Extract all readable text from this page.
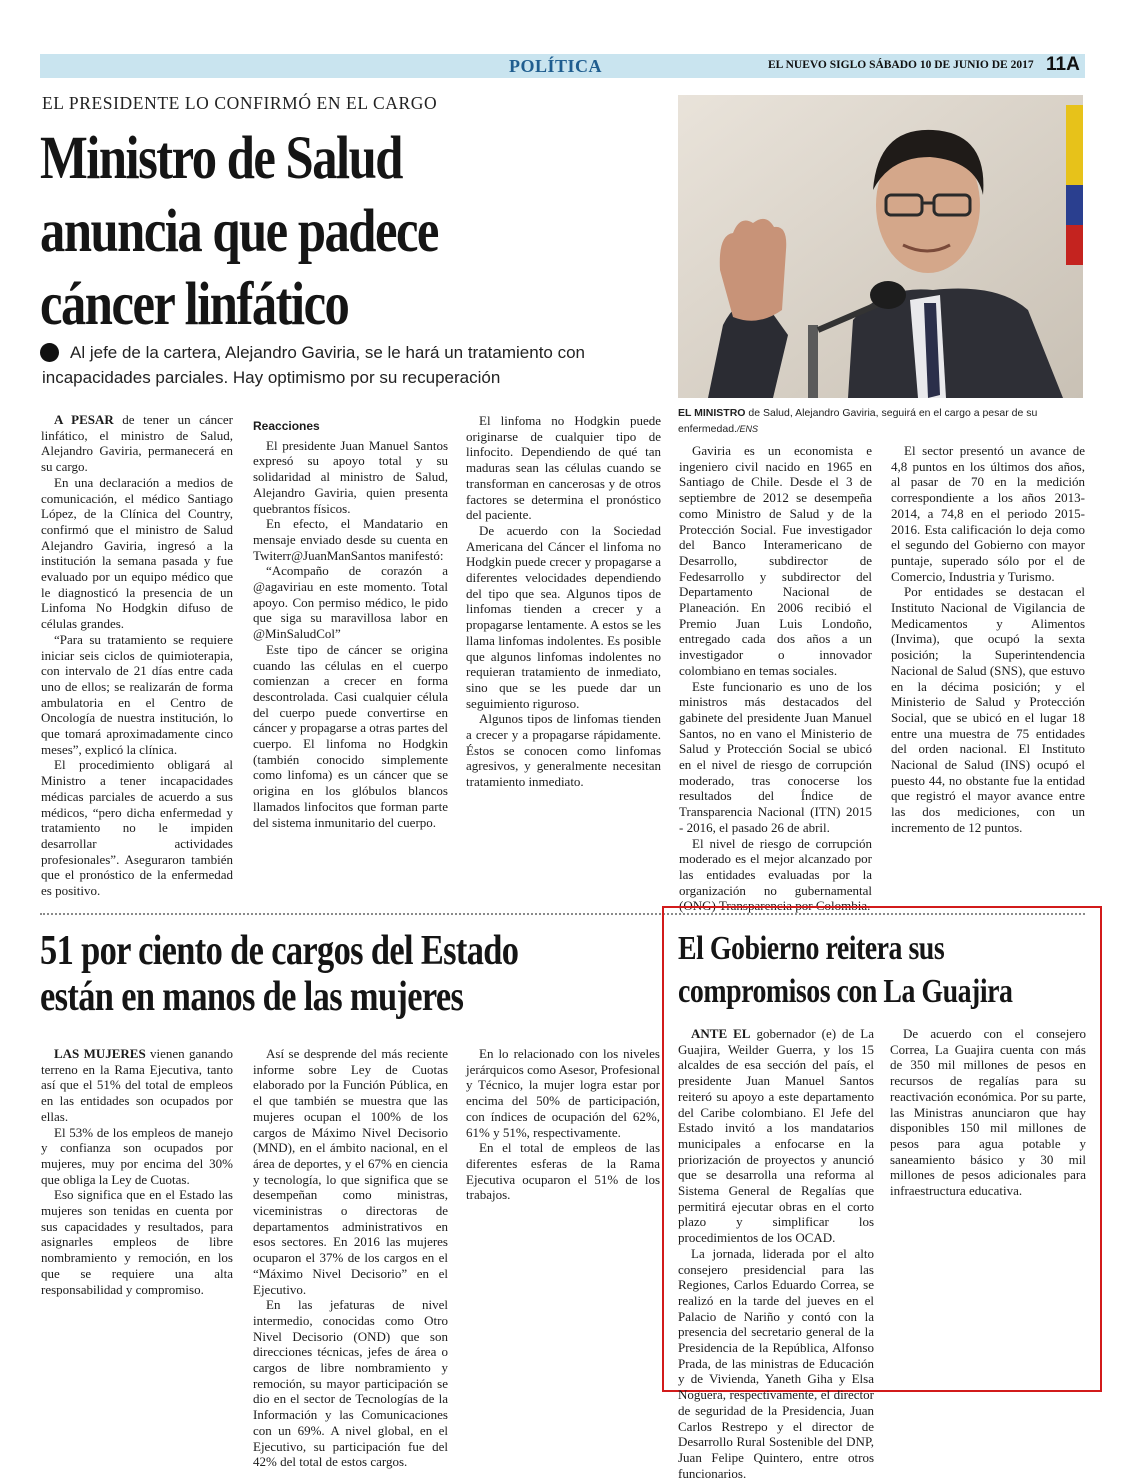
POLÍTICA	EL NUEVO SIGLO SÁBADO 10 DE JUNIO DE 2017 11A
EL PRESIDENTE LO CONFIRMÓ EN EL CARGO
Ministro de Salud
anuncia que padece
cáncer linfático
Al jefe de la cartera, Alejandro Gaviria, se le hará un tratamiento con incapacidades parciales. Hay optimismo por su recuperación
EL MINISTRO de Salud, Alejandro Gaviria, seguirá en el cargo a pesar de su enfermedad./ENS

A PESAR de tener un cáncer linfático, el ministro de Salud, Alejandro Gaviria, permanecerá en su cargo.

En una declaración a medios de comunicación, el médico Santiago López, de la Clínica del Country, confirmó que el ministro de Salud Alejandro Gaviria, ingresó a la institución la semana pasada y fue evaluado por un equipo médico que le diagnosticó la presencia de un Linfoma No Hodgkin difuso de células grandes.

“Para su tratamiento se requiere iniciar seis ciclos de quimioterapia, con intervalo de 21 días entre cada uno de ellos; se realizarán de forma ambulatoria en el Centro de Oncología de nuestra institución, lo que tomará aproximadamente cinco meses”, explicó la clínica.

El procedimiento obligará al Ministro a tener incapacidades médicas parciales de acuerdo a sus médicos, “pero dicha enfermedad y tratamiento no le impiden desarrollar actividades profesionales”. Aseguraron también que el pronóstico de la enfermedad es positivo.

Reacciones

El presidente Juan Manuel Santos expresó su apoyo total y su solidaridad al ministro de Salud, Alejandro Gaviria, quien presenta quebrantos físicos.

En efecto, el Mandatario en mensaje enviado desde su cuenta en Twiterr@JuanManSantos manifestó:

“Acompaño de corazón a @agaviriau en este momento. Total apoyo. Con permiso médico, le pido que siga su maravillosa labor en @MinSaludCol”

Este tipo de cáncer se origina cuando las células en el cuerpo comienzan a crecer en forma descontrolada. Casi cualquier célula del cuerpo puede convertirse en cáncer y propagarse a otras partes del cuerpo. El linfoma no Hodgkin (también conocido simplemente como linfoma) es un cáncer que se origina en los glóbulos blancos llamados linfocitos que forman parte del sistema inmunitario del cuerpo.

El linfoma no Hodgkin puede originarse de cualquier tipo de linfocito. Dependiendo de qué tan maduras sean las células cuando se transforman en cancerosas y de otros factores se determina el pronóstico del paciente.

De acuerdo con la Sociedad Americana del Cáncer el linfoma no Hodgkin puede crecer y propagarse a diferentes velocidades dependiendo del tipo que sea. Algunos tipos de linfomas tienden a crecer y a propagarse lentamente. A estos se les llama linfomas indolentes. Es posible que algunos linfomas indolentes no requieran tratamiento de inmediato, sino que se les puede dar un seguimiento riguroso.

Algunos tipos de linfomas tienden a crecer y a propagarse rápidamente. Éstos se conocen como linfomas agresivos, y generalmente necesitan tratamiento inmediato.

Gaviria es un economista e ingeniero civil nacido en 1965 en Santiago de Chile. Desde el 3 de septiembre de 2012 se desempeña como Ministro de Salud y de la Protección Social. Fue investigador del Banco Interamericano de Desarrollo, subdirector de Fedesarrollo y subdirector del Departamento Nacional de Planeación. En 2006 recibió el Premio Juan Luis Londoño, entregado cada dos años a un investigador o innovador colombiano en temas sociales.

Este funcionario es uno de los ministros más destacados del gabinete del presidente Juan Manuel Santos, no en vano el Ministerio de Salud y Protección Social se ubicó en el nivel de riesgo de corrupción moderado, tras conocerse los resultados del Índice de Transparencia Nacional (ITN) 2015 - 2016, el pasado 26 de abril.

El nivel de riesgo de corrupción moderado es el mejor alcanzado por las entidades evaluadas por la organización no gubernamental (ONG) Transparencia por Colombia.

El sector presentó un avance de 4,8 puntos en los últimos dos años, al pasar de 70 en la medición correspondiente a los años 2013-2014, a 74,8 en el periodo 2015-2016. Esta calificación lo deja como el segundo del Gobierno con mayor puntaje, superado sólo por el de Comercio, Industria y Turismo.

Por entidades se destacan el Instituto Nacional de Vigilancia de Medicamentos y Alimentos (Invima), que ocupó la sexta posición; la Superintendencia Nacional de Salud (SNS), que estuvo en la décima posición; y el Ministerio de Salud y Protección Social, que se ubicó en el lugar 18 entre una muestra de 75 entidades del orden nacional. El Instituto Nacional de Salud (INS) ocupó el puesto 44, no obstante fue la entidad que registró el mayor avance entre las dos mediciones, con un incremento de 12 puntos.

51 por ciento de cargos del Estado
están en manos de las mujeres

LAS MUJERES vienen ganando terreno en la Rama Ejecutiva, tanto así que el 51% del total de empleos en las entidades son ocupados por ellas.

El 53% de los empleos de manejo y confianza son ocupados por mujeres, muy por encima del 30% que obliga la Ley de Cuotas.

Eso significa que en el Estado las mujeres son tenidas en cuenta por sus capacidades y resultados, para asignarles empleos de libre nombramiento y remoción, en los que se requiere una alta responsabilidad y compromiso.

Así se desprende del más reciente informe sobre Ley de Cuotas elaborado por la Función Pública, en el que también se muestra que las mujeres ocupan el 100% de los cargos de Máximo Nivel Decisorio (MND), en el ámbito nacional, en el área de deportes, y el 67% en ciencia y tecnología, lo que significa que se desempeñan como ministras, viceministras o directoras de departamentos administrativos en esos sectores. En 2016 las mujeres ocuparon el 37% de los cargos en el “Máximo Nivel Decisorio” en el Ejecutivo.

En las jefaturas de nivel intermedio, conocidas como Otro Nivel Decisorio (OND) que son direcciones técnicas, jefes de área o cargos de libre nombramiento y remoción, su mayor participación se dio en el sector de Tecnologías de la Información y las Comunicaciones con un 69%. A nivel global, en el Ejecutivo, su participación fue del 42% del total de estos cargos.

En lo relacionado con los niveles jerárquicos como Asesor, Profesional y Técnico, la mujer logra estar por encima del 50% de participación, con índices de ocupación del 62%, 61% y 51%, respectivamente.

En el total de empleos de las diferentes esferas de la Rama Ejecutiva ocuparon el 51% de los trabajos.

El Gobierno reitera sus
compromisos con La Guajira

ANTE EL gobernador (e) de La Guajira, Weilder Guerra, y los 15 alcaldes de esa sección del país, el presidente Juan Manuel Santos reiteró su apoyo a este departamento del Caribe colombiano. El Jefe del Estado invitó a los mandatarios municipales a enfocarse en la priorización de proyectos y anunció que se desarrolla una reforma al Sistema General de Regalías que permitirá ejecutar obras en el corto plazo y simplificar los procedimientos de los OCAD.

La jornada, liderada por el alto consejero presidencial para las Regiones, Carlos Eduardo Correa, se realizó en la tarde del jueves en el Palacio de Nariño y contó con la presencia del secretario general de la Presidencia de la República, Alfonso Prada, de las ministras de Educación y de Vivienda, Yaneth Giha y Elsa Noguera, respectivamente, el director de seguridad de la Presidencia, Juan Carlos Restrepo y el director de Desarrollo Rural Sostenible del DNP, Juan Felipe Quintero, entre otros funcionarios.

De acuerdo con el consejero Correa, La Guajira cuenta con más de 350 mil millones de pesos en recursos de regalías para su reactivación económica. Por su parte, las Ministras anunciaron que hay disponibles 150 mil millones de pesos para agua potable y saneamiento básico y 30 mil millones de pesos adicionales para infraestructura educativa.
